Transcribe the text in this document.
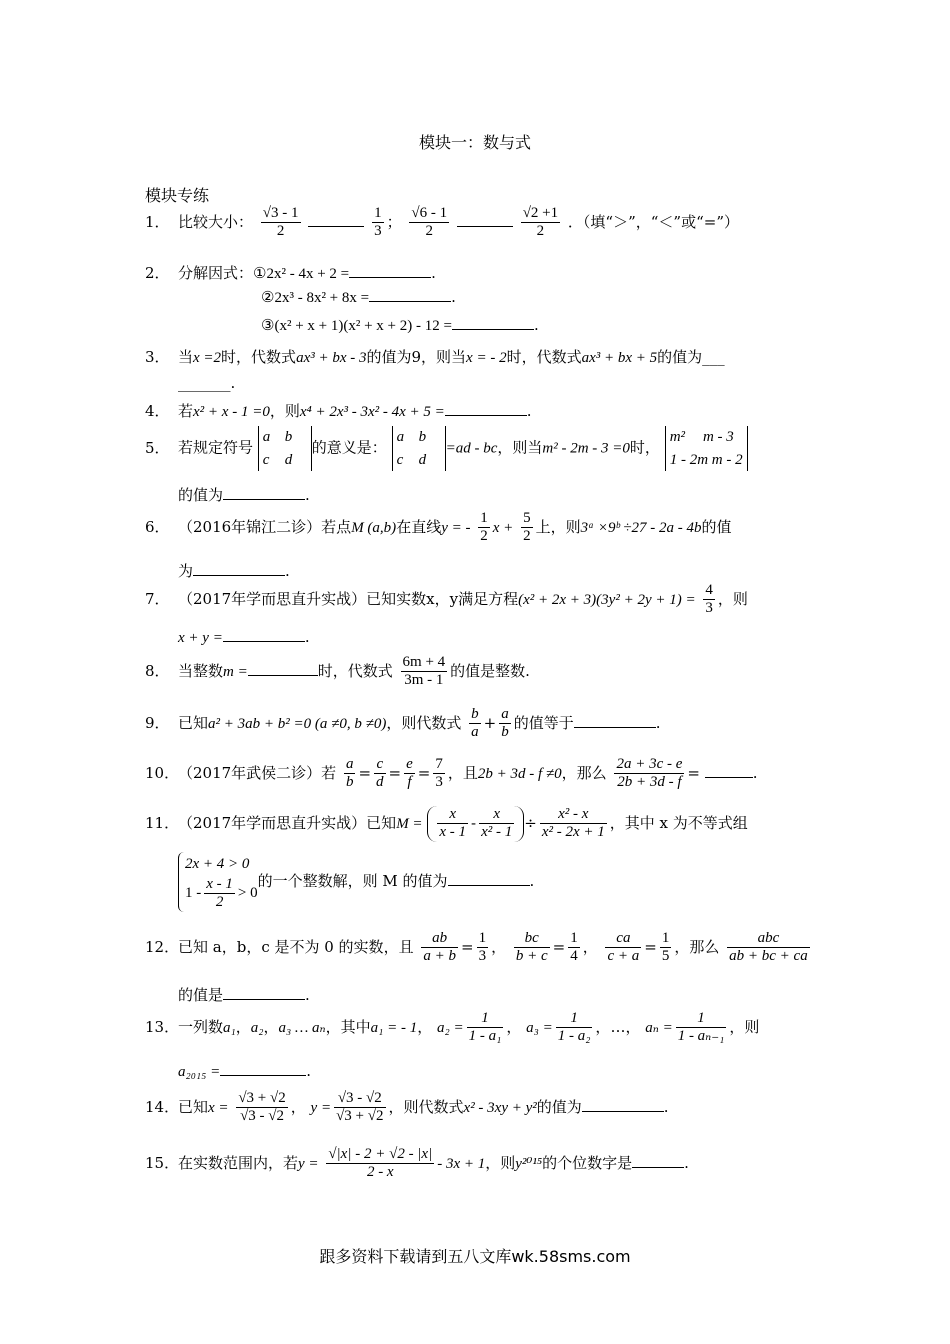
模块一：数与式
模块专练
1． 比较大小： $\frac{√3 - 1}{2}$
	$\frac{1}{3}$ ； $\frac{√6 - 1}{2}$
	$\frac{√2 +1}{2}$ ．（填“＞”，“＜”或“=”）
2． 分解因式：①2x² - 4x + 2 =	.
②2x³ - 8x² + 8x =	.
③(x² + x + 1)(x² + x + 2) - 12 =	.
3． 当x =2时，代数式ax³ + bx - 3的值为9，则当x = - 2时，代数式ax³ + bx + 5的值为___
_______.
4． 若x² + x - 1 =0，则x⁴ + 2x³ - 3x² - 4x + 5 =	.
5． 若规定符号
a b
c d
的意义是：
a b
c d
=ad - bc，则当m² - 2m - 3 =0时，
m² m - 3
1 - 2m m - 2
的值为	.
6． （2016年锦江二诊）若点M (a,b)在直线y = - $\frac{1}{2}$ $x + \frac{5}{2}$ 上，则3ᵃ ×9ᵇ ÷27 - 2a - 4b的值
为	.
7． （2017年学而思直升实战）已知实数x，y满足方程$(x^2 + 2x + 3)(3y^2 + 2y + 1) = \frac{4}{3}$ ，则
x + y =	.
8． 当整数m =	时，代数式 $\frac{6m + 4}{3m - 1}$ 的值是整数.
9． 已知a² + 3ab + b² =0 (a ≠0, b ≠0)，则代数式 $\frac{b}{a} + \frac{a}{b}$ 的值等于	.
10．（2017年武侯二诊）若 $\frac{a}{b} = \frac{c}{d} = \frac{e}{f} = \frac{7}{3}$ ，且2b + 3d - f ≠0，那么 $\frac{2a + 3c - e}{2b + 3d - f}$ =	.
11．（2017年学而思直升实战）已知$M = \frac{x}{x - 1} - \frac{x}{\text{x² - 1}} \div \frac{\text{x² - x}}{\text{x² - 2x + 1}}$ ，其中 x 为不等式组
2x + 4 > 0
$1 - \frac{x - 1}{2} > 0$
的一个整数解，则 M 的值为	.
12．已知 a，b，c 是不为 0 的实数，且 $\frac{ab}{a + b} = \frac{1}{3}$ ， $\frac{bc}{b + c} = \frac{1}{4}$ ， $\frac{ca}{c + a} = \frac{1}{5}$ ，那么 $\frac{\text{abc}}{ab + bc + ca}$
的值是	.
13．一列数a₁，a₂，a₃ … aₙ，其中a₁ = - 1， $a_2 = \frac{1}{\text{1 - a₁}}$ ， $a_3 = \frac{1}{\text{1 - a₂}}$ ，…， $a_n = \frac{1}{\text{1 - aₙ₋₁}}$ ，则
a₂₀₁₅ =	.
14．已知$x = \frac{√3 + √2}{√3 - √2}$ ， $y = \frac{√3 - √2}{√3 + √2}$ ，则代数式x² - 3xy + y²的值为	.
15．在实数范围内，若$y = \frac{√|x| - 2 + √2 - |x|}{2 - x} - 3x + 1$，则y²⁰¹⁵的个位数字是	.
跟多资料下载请到五八文库wk.58sms.com
